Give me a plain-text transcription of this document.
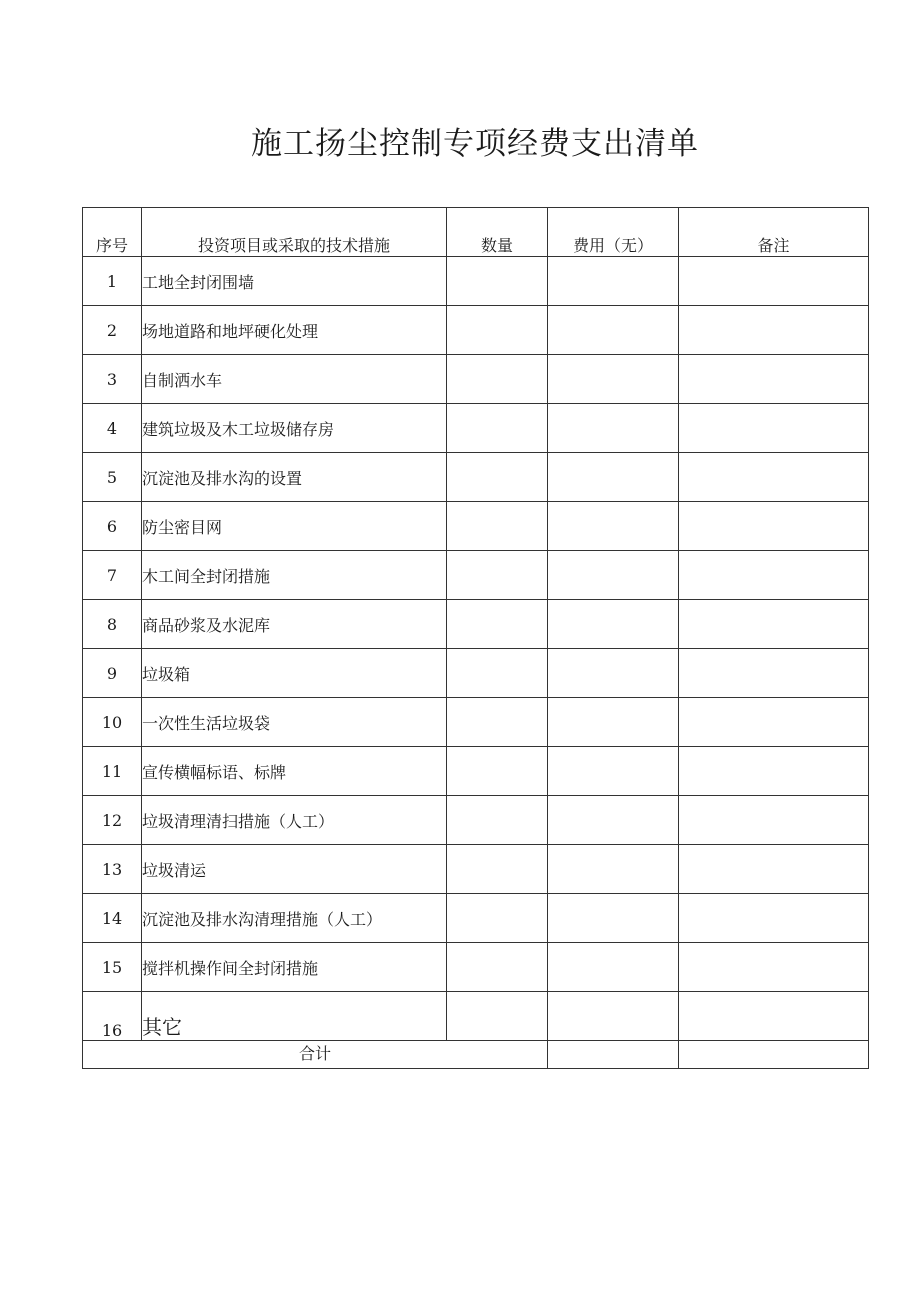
施工扬尘控制专项经费支出清单
序号	投资项目或采取的技术措施	数量	费用（无）	备注
1	工地全封闭围墙			
2	场地道路和地坪硬化处理			
3	自制洒水车			
4	建筑垃圾及木工垃圾储存房			
5	沉淀池及排水沟的设置			
6	防尘密目网			
7	木工间全封闭措施			
8	商品砂浆及水泥库			
9	垃圾箱			
10	一次性生活垃圾袋			
11	宣传横幅标语、标牌			
12	垃圾清理清扫措施（人工）			
13	垃圾清运			
14	沉淀池及排水沟清理措施（人工）			
15	搅拌机操作间全封闭措施			
16	其它			
合计				
